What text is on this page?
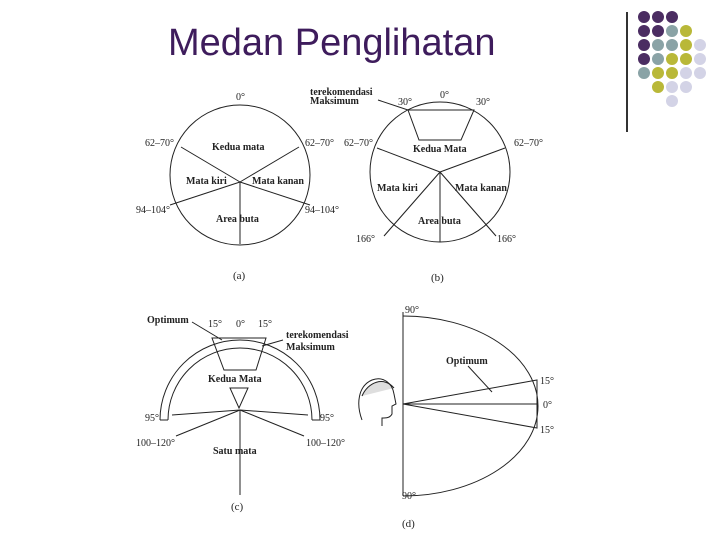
Medan Penglihatan
0°
62–70°	62–70°
94–104°	94–104°
Kedua mata
Mata kiri	Mata kanan
Area buta
(a)
terekomendasi
Maksimum	30°
0°
30°
62–70°	62–70°
166°	166°
Kedua Mata
Mata kiri	Mata kanan
Area buta
(b)
Optimum 15° 0° 15°
terekomendasi
Maksimum
Kedua Mata
95°	95°
100–120°	100–120°
Satu mata
(c)
90°
Optimum
15°
0°
15°
90°
(d)
